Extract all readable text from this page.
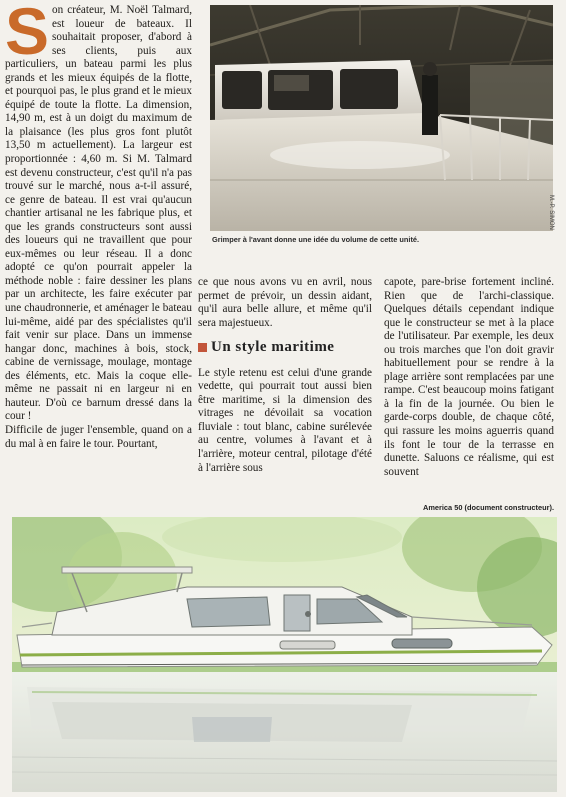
S on créateur, M. Noël Talmard, est loueur de bateaux. Il souhaitait proposer, d'abord à ses clients, puis aux particuliers, un bateau parmi les plus grands et les mieux équipés de la flotte, et pourquoi pas, le plus grand et le mieux équipé de toute la flotte. La dimension, 14,90 m, est à un doigt du maximum de la plaisance (les plus gros font plutôt 13,50 m actuellement). La largeur est proportionnée : 4,60 m. Si M. Talmard est devenu constructeur, c'est qu'il n'a pas trouvé sur le marché, nous a-t-il assuré, ce genre de bateau. Il est vrai qu'aucun chantier artisanal ne les fabrique plus, et que les grands constructeurs sont aussi des loueurs qui ne travaillent que pour eux-mêmes ou leur réseau. Il a donc adopté ce qu'on pourrait appeler la méthode noble : faire dessiner les plans par un architecte, les faire exécuter par une chaudronnerie, et aménager le bateau lui-même, aidé par des spécialistes qu'il fait venir sur place. Dans un immense hangar donc, machines à bois, stock, cabine de vernissage, moulage, montage des éléments, etc. Mais la coque elle-même ne passait ni en largeur ni en hauteur. D'où ce barnum dressé dans la cour !

Difficile de juger l'ensemble, quand on a du mal à en faire le tour. Pourtant,

Grimper à l'avant donne une idée du volume de cette unité.
M.-P. SIMON

ce que nous avons vu en avril, nous permet de prévoir, un dessin aidant, qu'il aura belle allure, et même qu'il sera majestueux.

Un style maritime

Le style retenu est celui d'une grande vedette, qui pourrait tout aussi bien être maritime, si la dimension des vitrages ne dévoilait sa vocation fluviale : tout blanc, cabine surélevée au centre, volumes à l'avant et à l'arrière, moteur central, pilotage d'été à l'arrière sous

capote, pare-brise fortement incliné. Rien que de l'archi-classique. Quelques détails cependant indique que le constructeur se met à la place de l'utilisateur. Par exemple, les deux ou trois marches que l'on doit gravir habituellement pour se rendre à la plage arrière sont remplacées par une rampe. C'est beaucoup moins fatigant à la fin de la journée. Ou bien le garde-corps double, de chaque côté, qui rassure les moins aguerris quand ils font le tour de la terrasse en dunette. Saluons ce réalisme, qui est souvent

America 50 (document constructeur).
